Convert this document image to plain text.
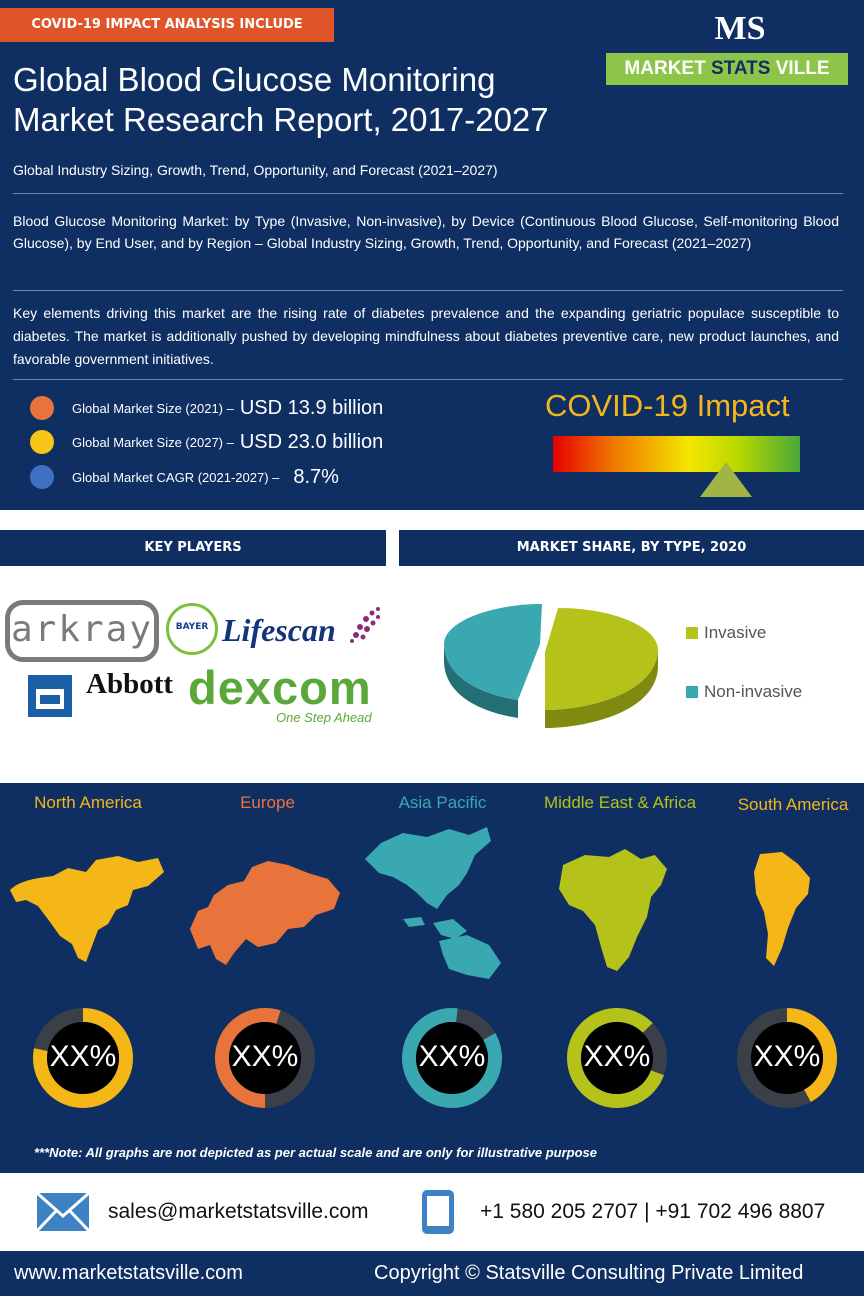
COVID-19 IMPACT ANALYSIS INCLUDE	MS
MARKET STATS VILLE
Global Blood Glucose Monitoring Market Research Report, 2017-2027
Global Industry Sizing, Growth, Trend, Opportunity, and Forecast (2021–2027)
Blood Glucose Monitoring Market: by Type (Invasive, Non-invasive), by Device (Continuous Blood Glucose, Self-monitoring Blood Glucose), by End User, and by Region – Global Industry Sizing, Growth, Trend, Opportunity, and Forecast (2021–2027)
Key elements driving this market are the rising rate of diabetes prevalence and the expanding geriatric populace susceptible to diabetes. The market is additionally pushed by developing mindfulness about diabetes preventive care, new product launches, and favorable government initiatives.
Global Market Size (2021) – USD 13.9 billion
Global Market Size (2027) – USD 23.0 billion
Global Market CAGR (2021-2027) – 8.7%
COVID-19 Impact
KEY PLAYERS	MARKET SHARE, BY TYPE, 2020
arkray	BAYER Lifescan
Abbott dexcom
One Step Ahead
Invasive
Non-invasive
North America	Europe	Asia Pacific	Middle East & Africa	South America
XX%	XX%	XX%	XX%	XX%
***Note: All graphs are not depicted as per actual scale and are only for illustrative purpose
sales@marketstatsville.com	+1 580 205 2707 | +91 702 496 8807
www.marketstatsville.com	Copyright © Statsville Consulting Private Limited
